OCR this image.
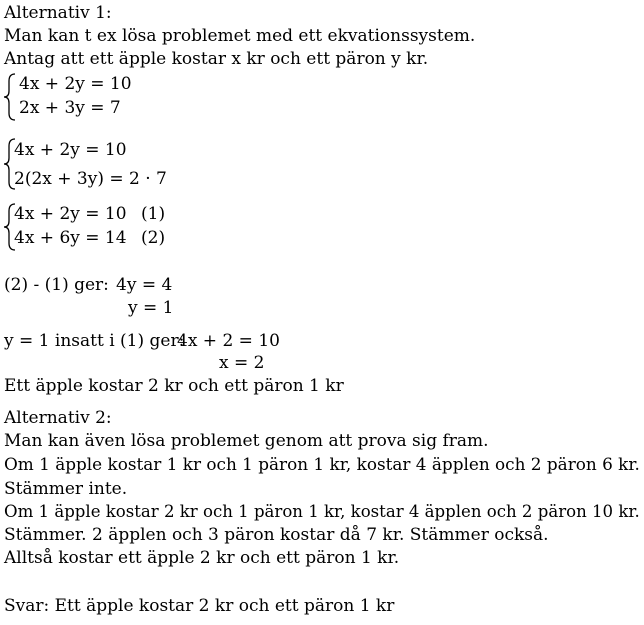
Alternativ 1:
Man kan t ex lösa problemet med ett ekvationssystem.
Antag att ett äpple kostar x kr och ett päron y kr.
4x + 2y = 10
2x + 3y = 7
4x + 2y = 10
2(2x + 3y) = 2 · 7
4x + 2y = 10 (1)
4x + 6y = 14 (2)
(2) - (1) ger: 4y = 4
y = 1
y = 1 insatt i (1) ger:
4x + 2 = 10
x = 2
Ett äpple kostar 2 kr och ett päron 1 kr
Alternativ 2:
Man kan även lösa problemet genom att prova sig fram.
Om 1 äpple kostar 1 kr och 1 päron 1 kr, kostar 4 äpplen och 2 päron 6 kr.
Stämmer inte.
Om 1 äpple kostar 2 kr och 1 päron 1 kr, kostar 4 äpplen och 2 päron 10 kr.
Stämmer. 2 äpplen och 3 päron kostar då 7 kr. Stämmer också.
Alltså kostar ett äpple 2 kr och ett päron 1 kr.
Svar: Ett äpple kostar 2 kr och ett päron 1 kr
